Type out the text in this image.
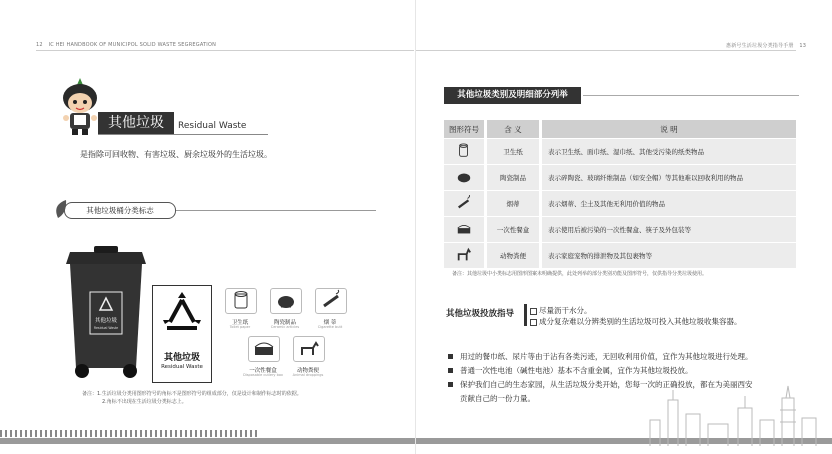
12 IC HEI HANDBOOK OF MUNICIPOL SOLID WASTE SEGREGATION
其他垃圾	Residual Waste
是指除可回收物、有害垃圾、厨余垃圾外的生活垃圾。
其他垃圾桶分类标志
其他垃圾
Residual Waste
其他垃圾
Residual Waste
卫生纸
Toilet paper
陶瓷制品
Ceramic articles
烟 蒂
Cigarette butt
一次性餐盒
Disposable cutlery box
动物粪便
Animal droppings
备注：1.生活垃圾分类用图形符号的角标不是图形符号的组成部分，仅是设计和制作标志时的依据。
2.角标不出现在生活垃圾分类标志上。
惠新号生活垃圾分类指导手册 13
其他垃圾类别及明细部分列举
图形符号	含 义	说 明
	卫生纸	表示卫生纸、面巾纸、湿巾纸、其他受污染的纸类物品
	陶瓷制品	表示碎陶瓷、玻璃纤维制品（如安全帽）等其他难以回收利用的物品
	烟蒂	表示烟蒂、尘土及其他无利用价值的物品
	一次性餐盒	表示使用后被污染的一次性餐盒、筷子及外包装等
	动物粪便	表示家庭宠物的排泄物及其包裹物等
备注：其他垃圾中小类标志用图形图案未明确提供，此处列举的部分类别功能及图形符号，仅供指导分类垃圾使用。
其他垃圾投放指导	尽量沥干水分。
成分复杂难以分辨类别的生活垃圾可投入其他垃圾收集容器。
用过的餐巾纸、尿片等由于沾有各类污迹，无回收利用价值，宜作为其他垃圾进行处理。
普通一次性电池（碱性电池）基本不含重金属，宜作为其他垃圾投放。
保护我们自己的生态家园，从生活垃圾分类开始，您每一次的正确投放，都在为美丽西安
贡献自己的一份力量。
